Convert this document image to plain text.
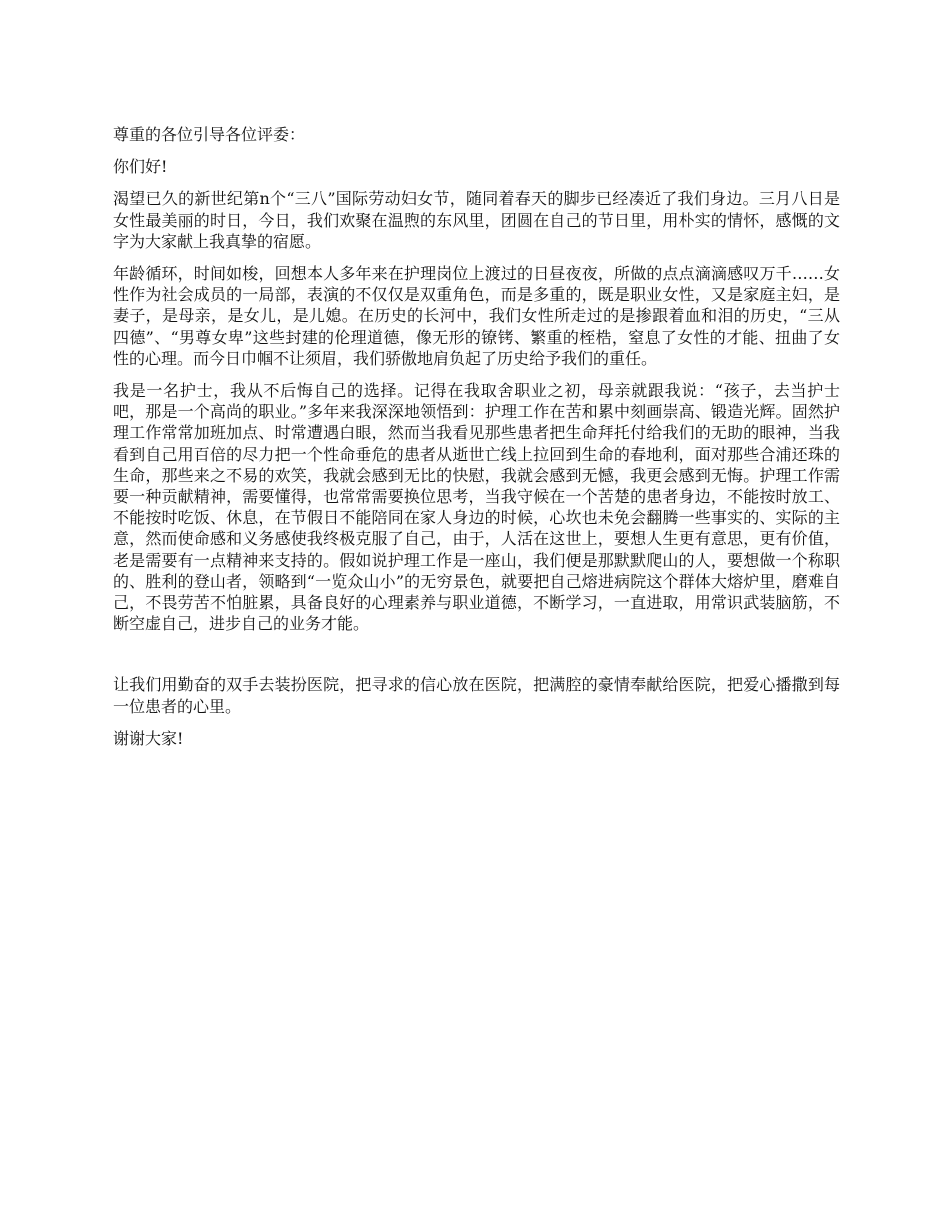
尊重的各位引导各位评委：

你们好!

渴望已久的新世纪第n个“三八”国际劳动妇女节，随同着春天的脚步已经凑近了我们身边。三月八日是女性最美丽的时日，今日，我们欢聚在温煦的东风里，团圆在自己的节日里，用朴实的情怀，感慨的文字为大家献上我真挚的宿愿。

年龄循环，时间如梭，回想本人多年来在护理岗位上渡过的日昼夜夜，所做的点点滴滴感叹万千……女性作为社会成员的一局部，表演的不仅仅是双重角色，而是多重的，既是职业女性，又是家庭主妇，是妻子，是母亲，是女儿，是儿媳。在历史的长河中，我们女性所走过的是掺跟着血和泪的历史，“三从四德”、“男尊女卑”这些封建的伦理道德，像无形的镣铐、繁重的桎梏，窒息了女性的才能、扭曲了女性的心理。而今日巾帼不让须眉，我们骄傲地肩负起了历史给予我们的重任。

我是一名护士，我从不后悔自己的选择。记得在我取舍职业之初，母亲就跟我说：“孩子，去当护士吧，那是一个高尚的职业。”多年来我深深地领悟到：护理工作在苦和累中刻画崇高、锻造光辉。固然护理工作常常加班加点、时常遭遇白眼，然而当我看见那些患者把生命拜托付给我们的无助的眼神，当我看到自己用百倍的尽力把一个性命垂危的患者从逝世亡线上拉回到生命的春地利，面对那些合浦还珠的生命，那些来之不易的欢笑，我就会感到无比的快慰，我就会感到无憾，我更会感到无悔。护理工作需要一种贡献精神，需要懂得，也常常需要换位思考，当我守候在一个苦楚的患者身边，不能按时放工、不能按时吃饭、休息，在节假日不能陪同在家人身边的时候，心坎也未免会翻腾一些事实的、实际的主意，然而使命感和义务感使我终极克服了自己，由于，人活在这世上，要想人生更有意思，更有价值，老是需要有一点精神来支持的。假如说护理工作是一座山，我们便是那默默爬山的人，要想做一个称职的、胜利的登山者，领略到“一览众山小”的无穷景色，就要把自己熔进病院这个群体大熔炉里，磨难自己，不畏劳苦不怕脏累，具备良好的心理素养与职业道德，不断学习，一直进取，用常识武装脑筋，不断空虚自己，进步自己的业务才能。

让我们用勤奋的双手去装扮医院，把寻求的信心放在医院，把满腔的豪情奉献给医院，把爱心播撒到每一位患者的心里。

谢谢大家!
